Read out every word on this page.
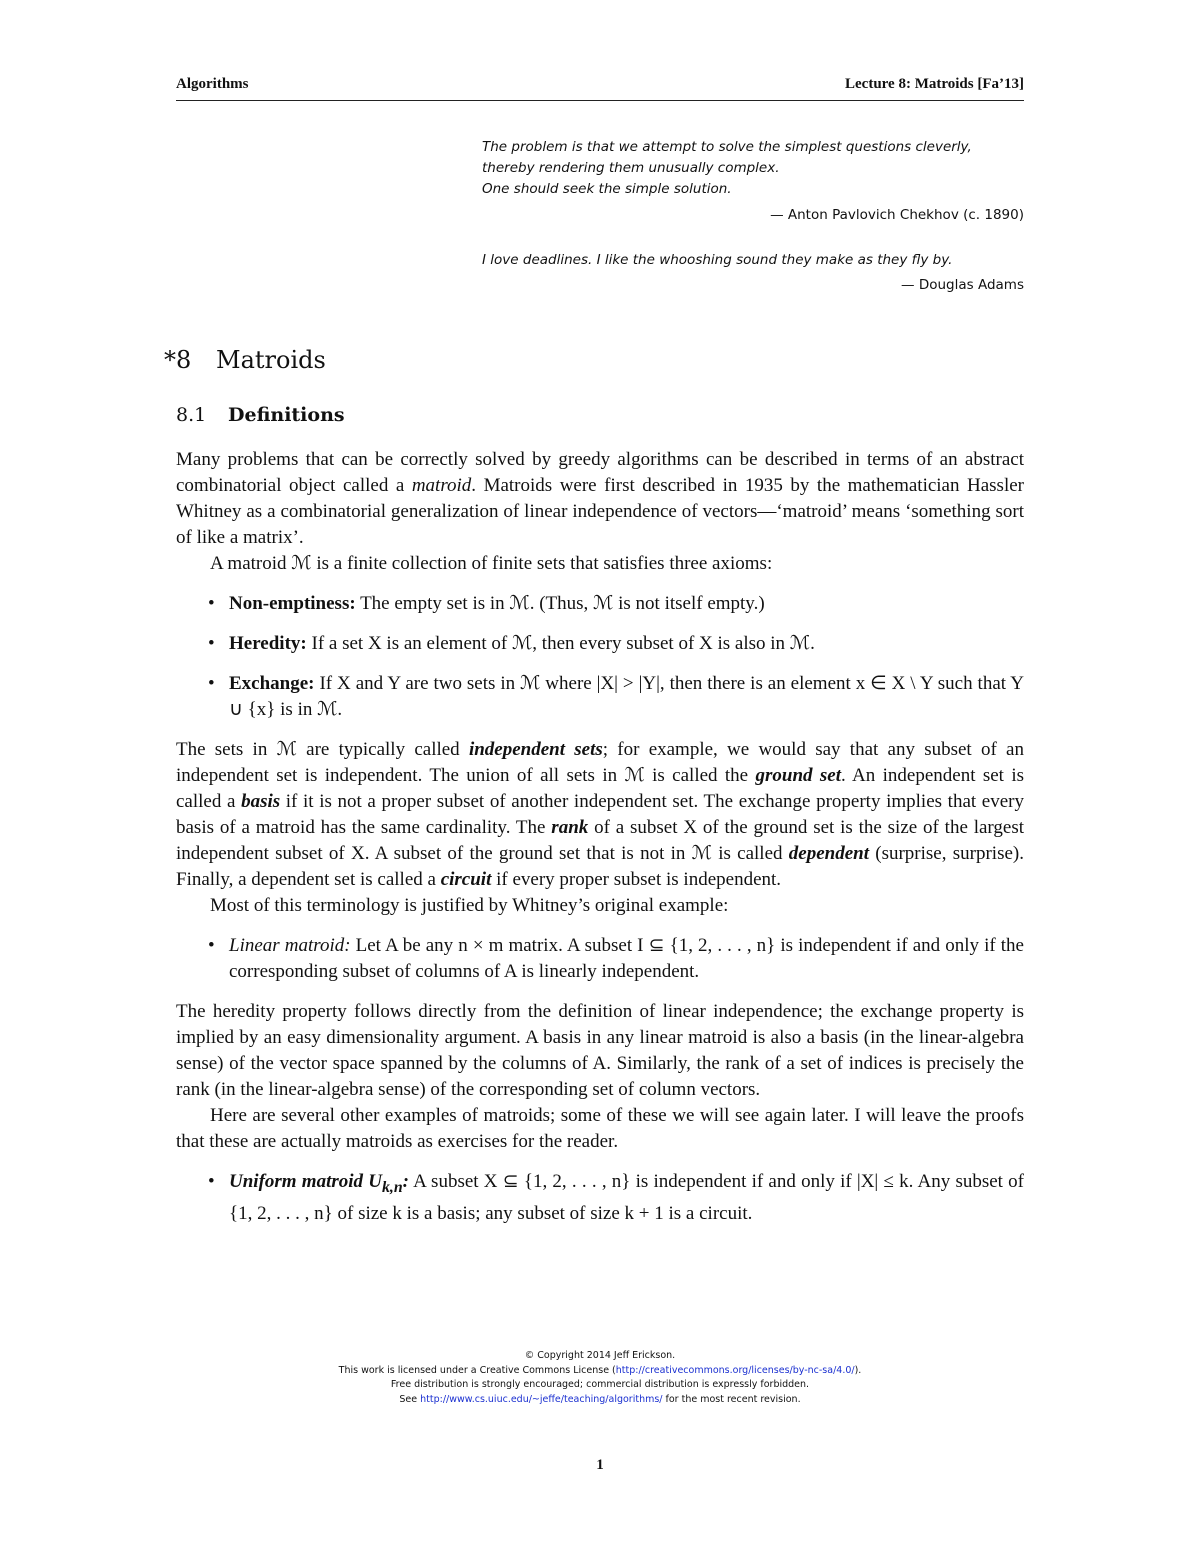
Algorithms	Lecture 8: Matroids [Fa’13]
The problem is that we attempt to solve the simplest questions cleverly,
thereby rendering them unusually complex.
One should seek the simple solution.
— Anton Pavlovich Chekhov (c. 1890)
I love deadlines. I like the whooshing sound they make as they fly by.
— Douglas Adams
*8 Matroids
8.1 Definitions

Many problems that can be correctly solved by greedy algorithms can be described in terms of an abstract combinatorial object called a matroid. Matroids were first described in 1935 by the mathematician Hassler Whitney as a combinatorial generalization of linear independence of vectors—‘matroid’ means ‘something sort of like a matrix’.

A matroid ℳ is a finite collection of finite sets that satisfies three axioms:

• Non-emptiness: The empty set is in ℳ. (Thus, ℳ is not itself empty.)
• Heredity: If a set X is an element of ℳ, then every subset of X is also in ℳ.
• Exchange: If X and Y are two sets in ℳ where |X| > |Y|, then there is an element x ∈ X \ Y such that Y ∪ {x} is in ℳ.

The sets in ℳ are typically called independent sets; for example, we would say that any subset of an independent set is independent. The union of all sets in ℳ is called the ground set. An independent set is called a basis if it is not a proper subset of another independent set. The exchange property implies that every basis of a matroid has the same cardinality. The rank of a subset X of the ground set is the size of the largest independent subset of X. A subset of the ground set that is not in ℳ is called dependent (surprise, surprise). Finally, a dependent set is called a circuit if every proper subset is independent.

Most of this terminology is justified by Whitney’s original example:

• Linear matroid: Let A be any n × m matrix. A subset I ⊆ {1, 2, . . . , n} is independent if and only if the corresponding subset of columns of A is linearly independent.

The heredity property follows directly from the definition of linear independence; the exchange property is implied by an easy dimensionality argument. A basis in any linear matroid is also a basis (in the linear-algebra sense) of the vector space spanned by the columns of A. Similarly, the rank of a set of indices is precisely the rank (in the linear-algebra sense) of the corresponding set of column vectors.

Here are several other examples of matroids; some of these we will see again later. I will leave the proofs that these are actually matroids as exercises for the reader.

• Uniform matroid $U_{k,n}$: A subset X ⊆ {1, 2, . . . , n} is independent if and only if |X| ≤ k. Any subset of {1, 2, . . . , n} of size k is a basis; any subset of size k + 1 is a circuit.
© Copyright 2014 Jeff Erickson.
This work is licensed under a Creative Commons License (http://creativecommons.org/licenses/by-nc-sa/4.0/).
Free distribution is strongly encouraged; commercial distribution is expressly forbidden.
See http://www.cs.uiuc.edu/~jeffe/teaching/algorithms/ for the most recent revision.
1
